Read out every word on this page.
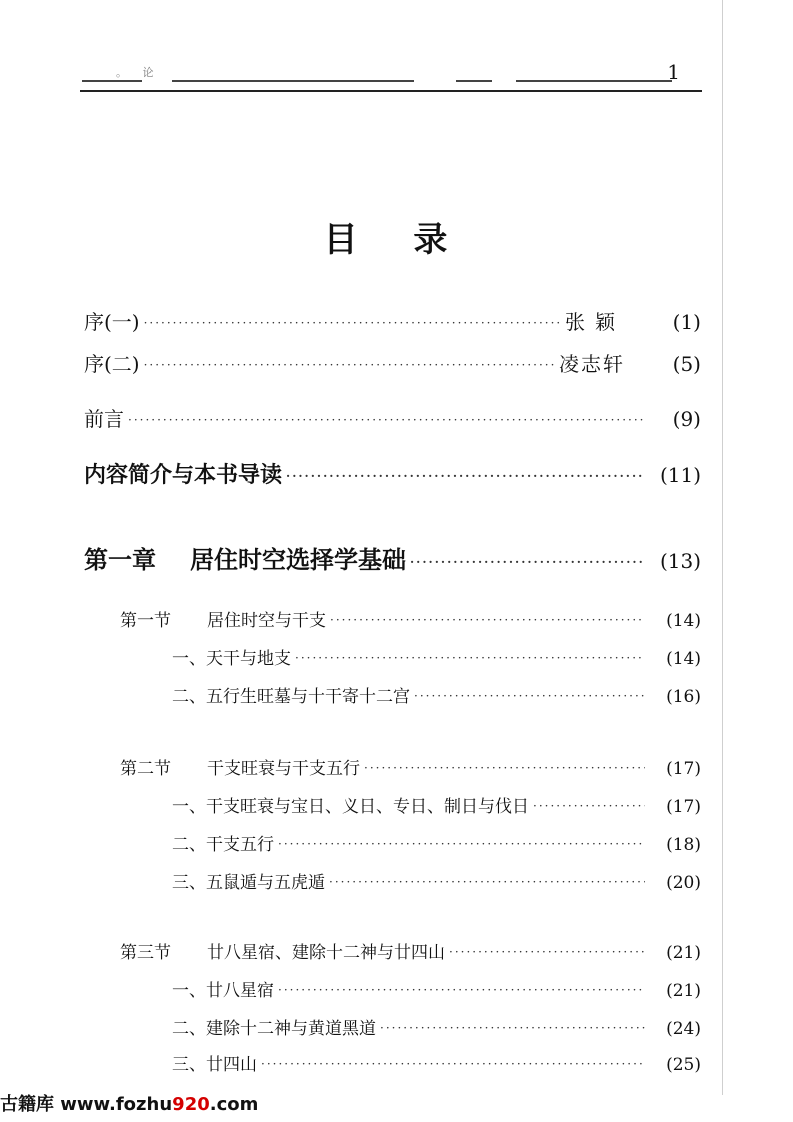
。 论	1
目 录
序(一) ·····	张颖	(1)
序(二) ·····	凌志轩	(5)
前言 ·····	(9)
内容简介与本书导读 ·····	(11)
第一章 居住时空选择学基础 ·····	(13)
第一节 居住时空与干支 ·····	(14)
一、天干与地支 ·····	(14)
二、五行生旺墓与十干寄十二宫 ·····	(16)
第二节 干支旺衰与干支五行 ·····	(17)
一、干支旺衰与宝日、义日、专日、制日与伐日 ·····	(17)
二、干支五行 ·····	(18)
三、五鼠遁与五虎遁 ·····	(20)
第三节 廿八星宿、建除十二神与廿四山 ·····	(21)
一、廿八星宿 ·····	(21)
二、建除十二神与黄道黑道 ·····	(24)
三、廿四山 ·····	(25)
古籍库 www.fozhu920.com
